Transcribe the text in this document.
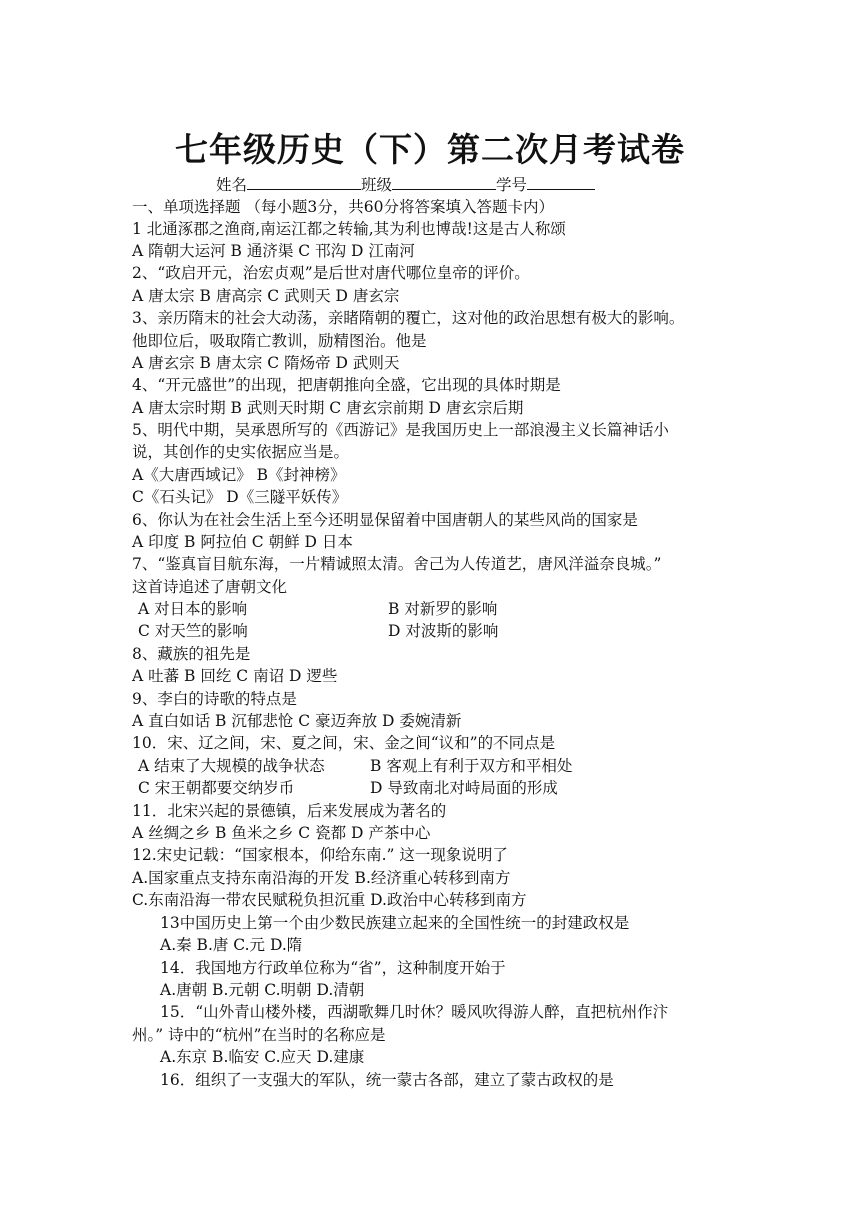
七年级历史（下）第二次月考试卷
姓名	班级	学号
一、单项选择题 （每小题3分，共60分将答案填入答题卡内）
1 北通涿郡之渔商,南运江都之转输,其为利也博哉!这是古人称颂
A 隋朝大运河 B 通济渠 C 邗沟 D 江南河
2、“政启开元，治宏贞观”是后世对唐代哪位皇帝的评价。
A 唐太宗 B 唐高宗 C 武则天 D 唐玄宗
3、亲历隋末的社会大动荡，亲睹隋朝的覆亡，这对他的政治思想有极大的影响。
他即位后，吸取隋亡教训，励精图治。他是
A 唐玄宗 B 唐太宗 C 隋炀帝 D 武则天
4、“开元盛世”的出现，把唐朝推向全盛，它出现的具体时期是
A 唐太宗时期 B 武则天时期 C 唐玄宗前期 D 唐玄宗后期
5、明代中期，吴承恩所写的《西游记》是我国历史上一部浪漫主义长篇神话小
说，其创作的史实依据应当是。
A《大唐西域记》 B《封神榜》
C《石头记》 D《三隧平妖传》
6、你认为在社会生活上至今还明显保留着中国唐朝人的某些风尚的国家是
A 印度 B 阿拉伯 C 朝鲜 D 日本
7、“鉴真盲目航东海，一片精诚照太清。舍己为人传道艺，唐风洋溢奈良城。”
这首诗追述了唐朝文化
A 对日本的影响	B 对新罗的影响
C 对天竺的影响	D 对波斯的影响
8、藏族的祖先是
A 吐蕃 B 回纥 C 南诏 D 逻些
9、李白的诗歌的特点是
A 直白如话 B 沉郁悲怆 C 豪迈奔放 D 委婉清新
10．宋、辽之间，宋、夏之间，宋、金之间“议和”的不同点是
A 结束了大规模的战争状态	B 客观上有利于双方和平相处
C 宋王朝都要交纳岁币	D 导致南北对峙局面的形成
11．北宋兴起的景德镇，后来发展成为著名的
A 丝绸之乡 B 鱼米之乡 C 瓷都 D 产茶中心
12.宋史记载：“国家根本，仰给东南.” 这一现象说明了
A.国家重点支持东南沿海的开发 B.经济重心转移到南方
C.东南沿海一带农民赋税负担沉重 D.政治中心转移到南方
13中国历史上第一个由少数民族建立起来的全国性统一的封建政权是
A.秦 B.唐 C.元 D.隋
14．我国地方行政单位称为“省”，这种制度开始于
A.唐朝 B.元朝 C.明朝 D.清朝
15．“山外青山楼外楼，西湖歌舞几时休？暖风吹得游人醉，直把杭州作汴
州。” 诗中的“杭州”在当时的名称应是
A.东京 B.临安 C.应天 D.建康
16．组织了一支强大的军队，统一蒙古各部，建立了蒙古政权的是
